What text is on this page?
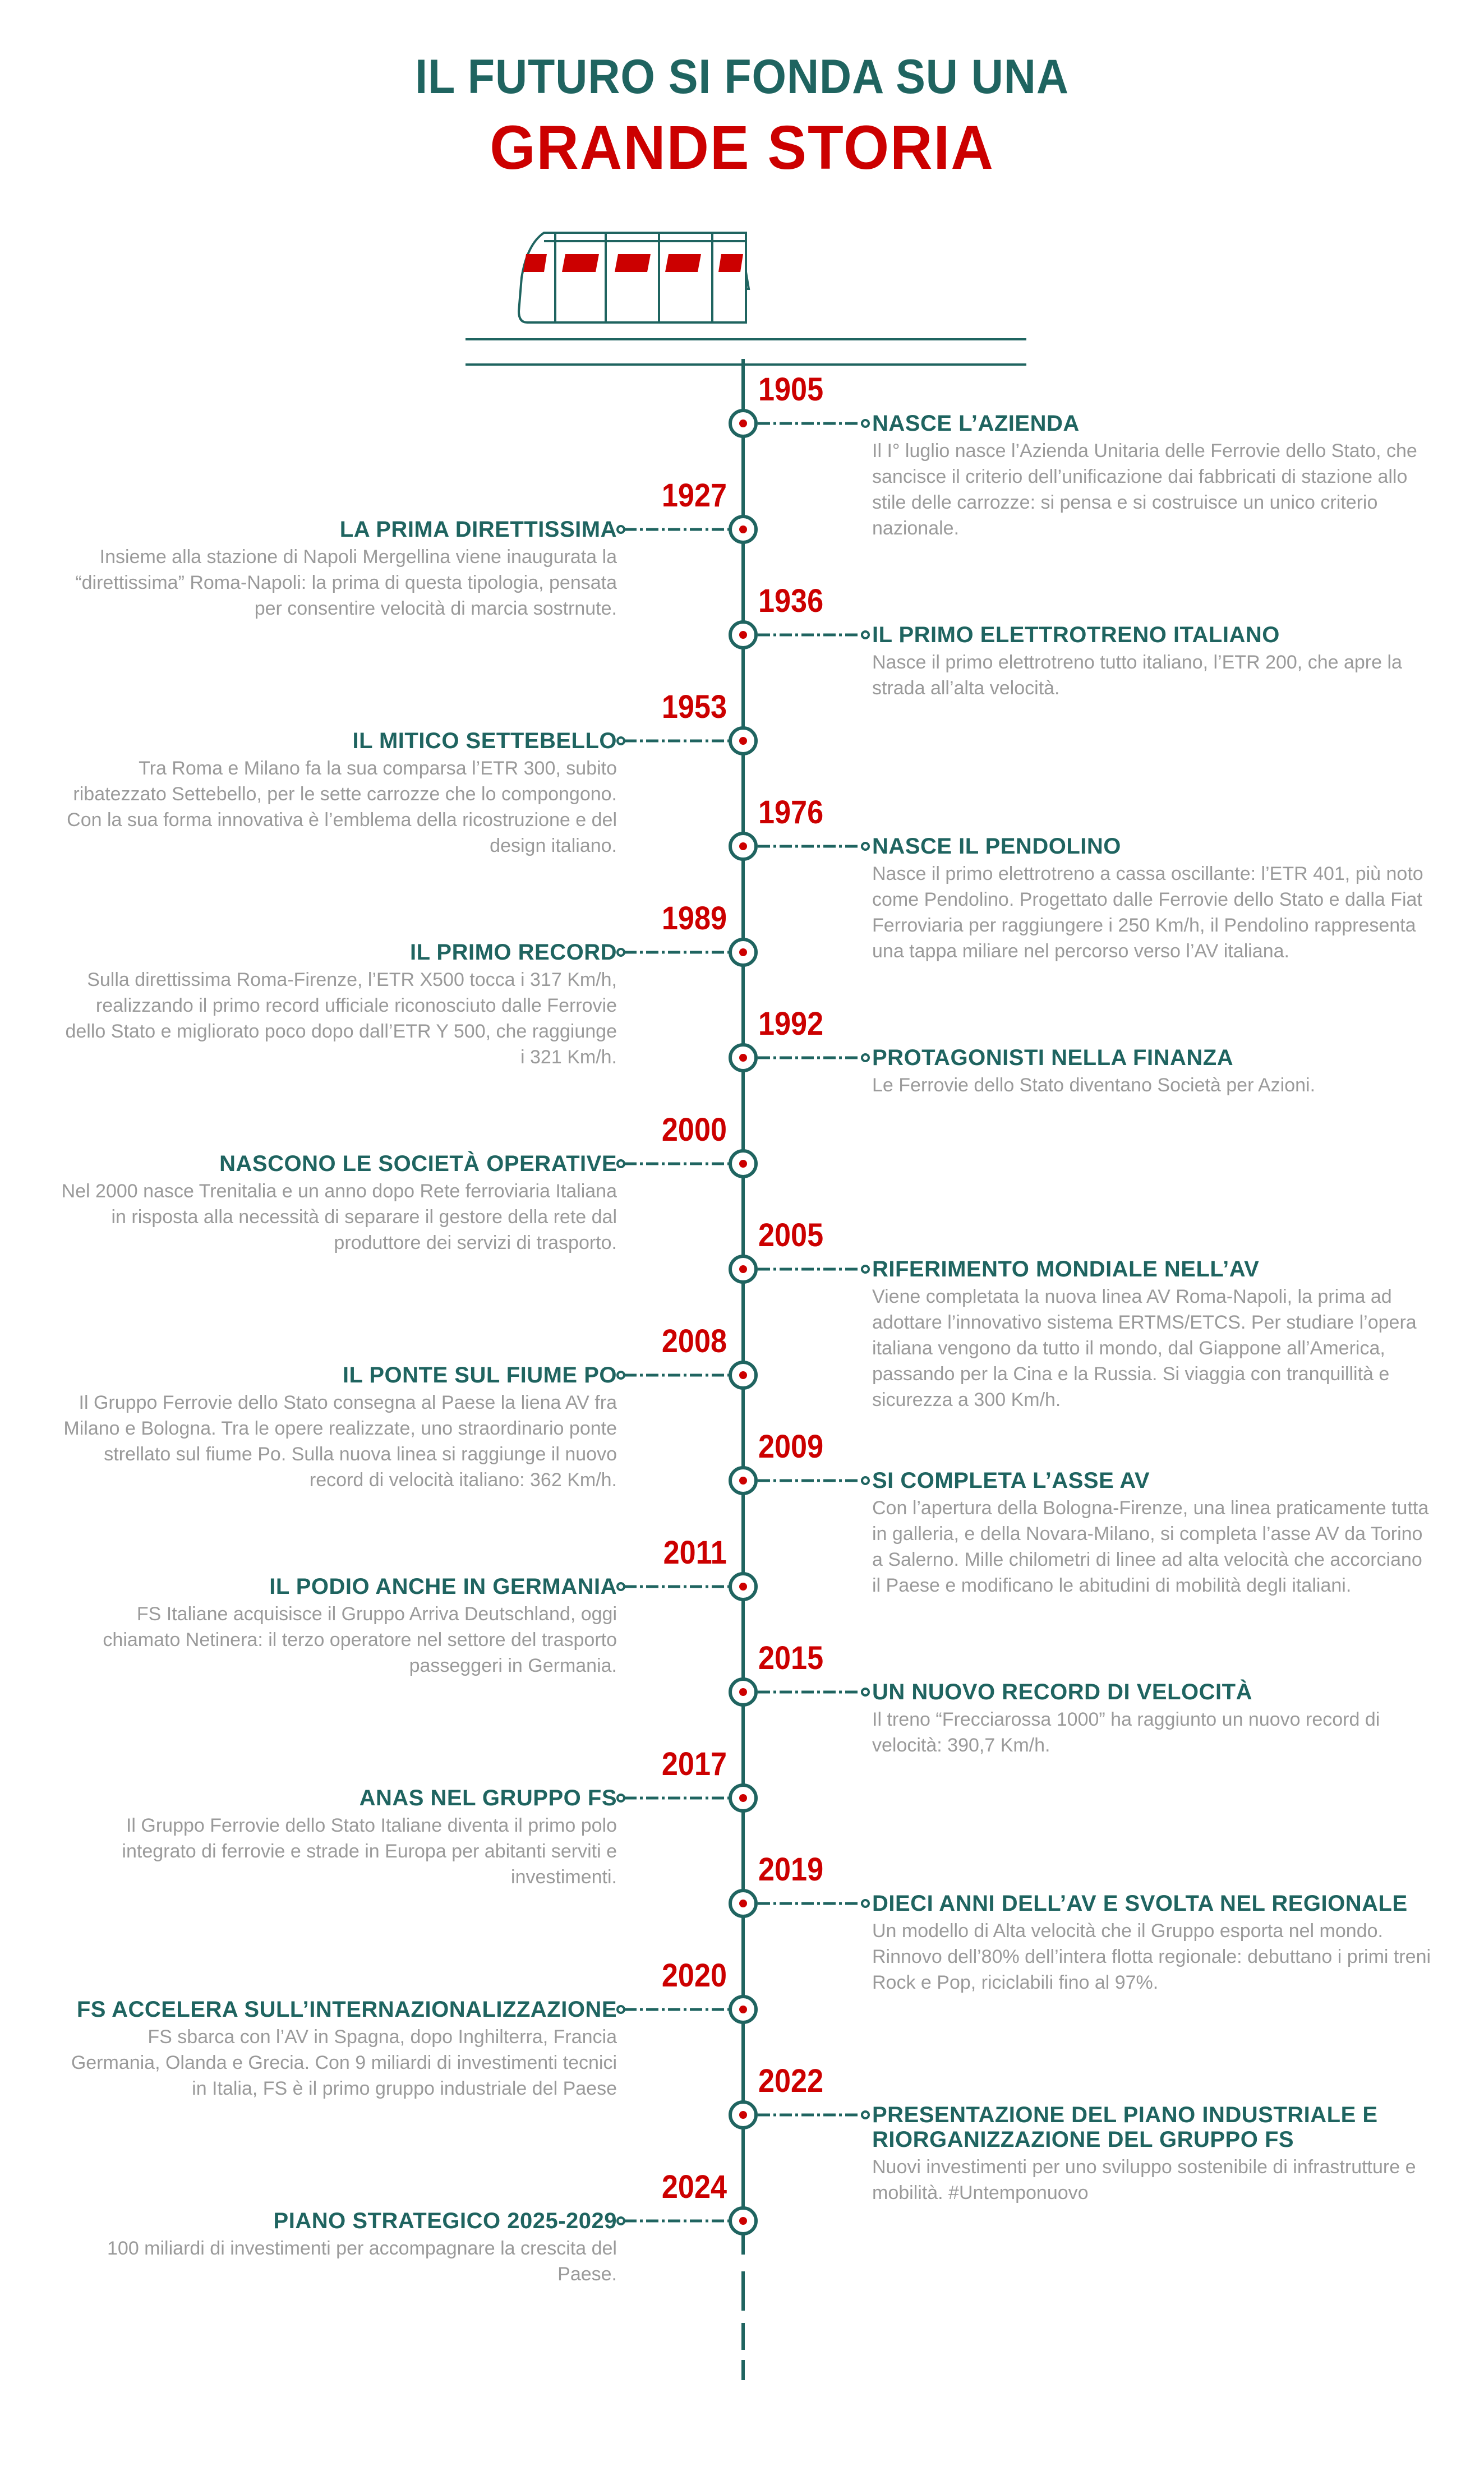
IL FUTURO SI FONDA SU UNA
GRANDE STORIA
1905
NASCE L’AZIENDA
Il I° luglio nasce l’Azienda Unitaria delle Ferrovie dello Stato, che sancisce il criterio dell’unificazione dai fabbricati di stazione allo stile delle carrozze: si pensa e si costruisce un unico criterio nazionale.
1927
LA PRIMA DIRETTISSIMA
Insieme alla stazione di Napoli Mergellina viene inaugurata la “direttissima” Roma-Napoli: la prima di questa tipologia, pensata per consentire velocità di marcia sostrnute.	1936
IL PRIMO ELETTROTRENO ITALIANO
Nasce il primo elettrotreno tutto italiano, l’ETR 200, che apre la strada all’alta velocità.
1953
IL MITICO SETTEBELLO
Tra Roma e Milano fa la sua comparsa l’ETR 300, subito ribatezzato Settebello, per le sette carrozze che lo compongono. Con la sua forma innovativa è l’emblema della ricostruzione e del design italiano.
1976
NASCE IL PENDOLINO
Nasce il primo elettrotreno a cassa oscillante: l’ETR 401, più noto come Pendolino. Progettato dalle Ferrovie dello Stato e dalla Fiat Ferroviaria per raggiungere i 250 Km/h, il Pendolino rappresenta una tappa miliare nel percorso verso l’AV italiana.
1989
IL PRIMO RECORD
Sulla direttissima Roma-Firenze, l’ETR X500 tocca i 317 Km/h, realizzando il primo record ufficiale riconosciuto dalle Ferrovie dello Stato e migliorato poco dopo dall’ETR Y 500, che raggiunge i 321 Km/h.
1992
PROTAGONISTI NELLA FINANZA
Le Ferrovie dello Stato diventano Società per Azioni.
2000
NASCONO LE SOCIETÀ OPERATIVE
Nel 2000 nasce Trenitalia e un anno dopo Rete ferroviaria Italiana in risposta alla necessità di separare il gestore della rete dal produttore dei servizi di trasporto.	2005
RIFERIMENTO MONDIALE NELL’AV
Viene completata la nuova linea AV Roma-Napoli, la prima ad adottare l’innovativo sistema ERTMS/ETCS. Per studiare l’opera italiana vengono da tutto il mondo, dal Giappone all’America, passando per la Cina e la Russia. Si viaggia con tranquillità e sicurezza a 300 Km/h.
2008
IL PONTE SUL FIUME PO
Il Gruppo Ferrovie dello Stato consegna al Paese la liena AV fra Milano e Bologna. Tra le opere realizzate, uno straordinario ponte strellato sul fiume Po. Sulla nuova linea si raggiunge il nuovo record di velocità italiano: 362 Km/h.
2009
SI COMPLETA L’ASSE AV
Con l’apertura della Bologna-Firenze, una linea praticamente tutta in galleria, e della Novara-Milano, si completa l’asse AV da Torino a Salerno. Mille chilometri di linee ad alta velocità che accorciano il Paese e modificano le abitudini di mobilità degli italiani.
2011
IL PODIO ANCHE IN GERMANIA
FS Italiane acquisisce il Gruppo Arriva Deutschland, oggi chiamato Netinera: il terzo operatore nel settore del trasporto passeggeri in Germania.	2015
UN NUOVO RECORD DI VELOCITÀ
Il treno “Frecciarossa 1000” ha raggiunto un nuovo record di velocità: 390,7 Km/h.
2017
ANAS NEL GRUPPO FS
Il Gruppo Ferrovie dello Stato Italiane diventa il primo polo integrato di ferrovie e strade in Europa per abitanti serviti e investimenti.	2019
DIECI ANNI DELL’AV E SVOLTA NEL REGIONALE
Un modello di Alta velocità che il Gruppo esporta nel mondo. Rinnovo dell’80% dell’intera flotta regionale: debuttano i primi treni Rock e Pop, riciclabili fino al 97%.
2020
FS ACCELERA SULL’INTERNAZIONALIZZAZIONE
FS sbarca con l’AV in Spagna, dopo Inghilterra, Francia Germania, Olanda e Grecia. Con 9 miliardi di investimenti tecnici in Italia, FS è il primo gruppo industriale del Paese	2022
PRESENTAZIONE DEL PIANO INDUSTRIALE E RIORGANIZZAZIONE DEL GRUPPO FS
Nuovi investimenti per uno sviluppo sostenibile di infrastrutture e mobilità. #Untemponuovo
2024
PIANO STRATEGICO 2025-2029
100 miliardi di investimenti per accompagnare la crescita del Paese.
